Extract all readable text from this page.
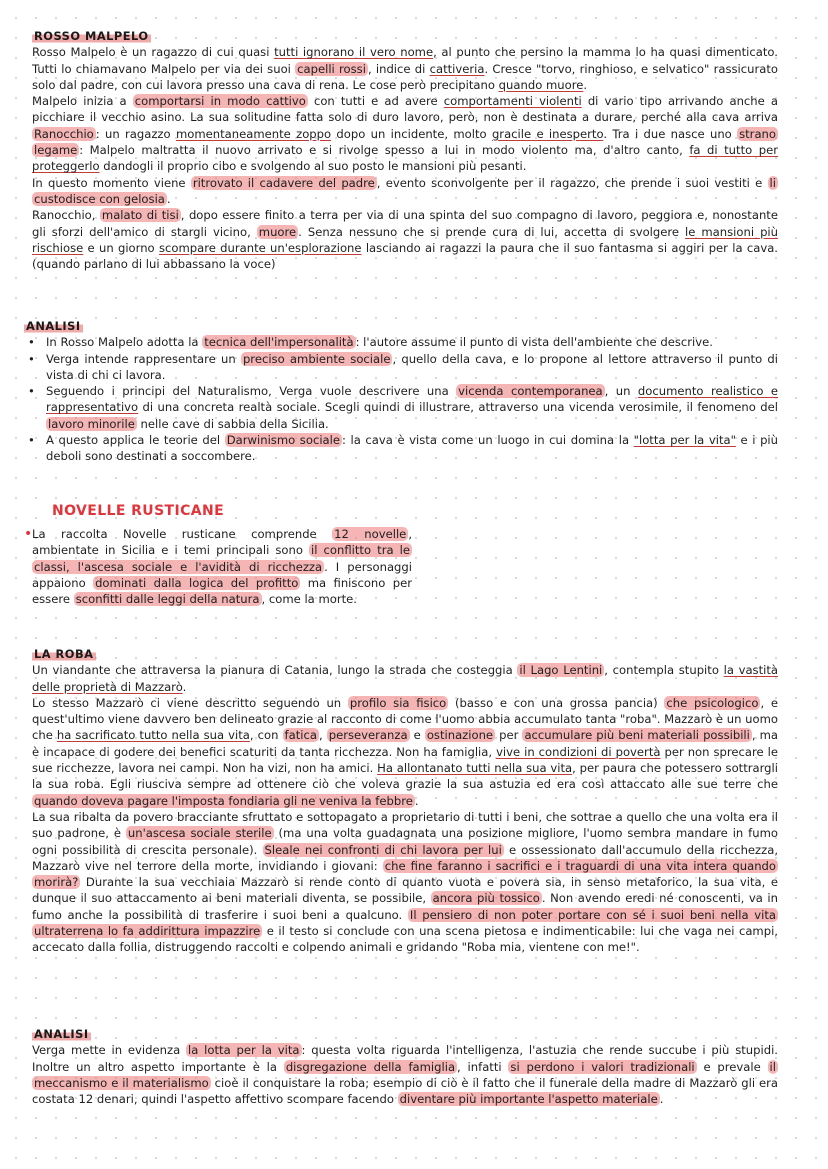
ROSSO MALPELO

Rosso Malpelo è un ragazzo di cui quasi tutti ignorano il vero nome, al punto che persino la mamma lo ha quasi dimenticato. Tutti lo chiamavano Malpelo per via dei suoi capelli rossi , indice di cattiveria. Cresce "torvo, ringhioso, e selvatico" rassicurato solo dal padre, con cui lavora presso una cava di rena. Le cose però precipitano quando muore.

Malpelo inizia a comportarsi in modo cattivo con tutti e ad avere comportamenti violenti di vario tipo arrivando anche a picchiare il vecchio asino. La sua solitudine fatta solo di duro lavoro, però, non è destinata a durare, perché alla cava arriva Ranocchio : un ragazzo momentaneamente zoppo dopo un incidente, molto gracile e inesperto. Tra i due nasce uno strano legame : Malpelo maltratta il nuovo arrivato e si rivolge spesso a lui in modo violento ma, d'altro canto, fa di tutto per proteggerlo dandogli il proprio cibo e svolgendo al suo posto le mansioni più pesanti.

In questo momento viene ritrovato il cadavere del padre , evento sconvolgente per il ragazzo, che prende i suoi vestiti e li custodisce con gelosia .

Ranocchio, malato di tisi , dopo essere finito a terra per via di una spinta del suo compagno di lavoro, peggiora e, nonostante gli sforzi dell'amico di stargli vicino, muore . Senza nessuno che si prende cura di lui, accetta di svolgere le mansioni più rischiose e un giorno scompare durante un'esplorazione lasciando ai ragazzi la paura che il suo fantasma si aggiri per la cava. (quando parlano di lui abbassano la voce)

ANALISI
• In Rosso Malpelo adotta la tecnica dell'impersonalità : l'autore assume il punto di vista dell'ambiente che descrive.
• Verga intende rappresentare un preciso ambiente sociale , quello della cava, e lo propone al lettore attraverso il punto di vista di chi ci lavora.
• Seguendo i principi del Naturalismo, Verga vuole descrivere una vicenda contemporanea , un documento realistico e rappresentativo di una concreta realtà sociale. Scegli quindi di illustrare, attraverso una vicenda verosimile, il fenomeno del lavoro minorile nelle cave di sabbia della Sicilia.
• A questo applica le teorie del Darwinismo sociale : la cava è vista come un luogo in cui domina la "lotta per la vita" e i più deboli sono destinati a soccombere.
NOVELLE RUSTICANE

La raccolta Novelle rusticane comprende 12 novelle , ambientate in Sicilia e i temi principali sono il conflitto tra le classi, l'ascesa sociale e l'avidità di ricchezza . I personaggi appaiono dominati dalla logica del profitto ma finiscono per essere sconfitti dalle leggi della natura , come la morte.

LA ROBA

Un viandante che attraversa la pianura di Catania, lungo la strada che costeggia il Lago Lentini , contempla stupito la vastità delle proprietà di Mazzarò.

Lo stesso Mazzarò ci viene descritto seguendo un profilo sia fisico (basso e con una grossa pancia) che psicologico , e quest'ultimo viene davvero ben delineato grazie al racconto di come l'uomo abbia accumulato tanta "roba". Mazzarò è un uomo che ha sacrificato tutto nella sua vita, con fatica , perseveranza e ostinazione per accumulare più beni materiali possibili , ma è incapace di godere dei benefici scaturiti da tanta ricchezza. Non ha famiglia, vive in condizioni di povertà per non sprecare le sue ricchezze, lavora nei campi. Non ha vizi, non ha amici. Ha allontanato tutti nella sua vita, per paura che potessero sottrargli la sua roba. Egli riusciva sempre ad ottenere ciò che voleva grazie la sua astuzia ed era così attaccato alle sue terre che quando doveva pagare l'imposta fondiaria gli ne veniva la febbre .

La sua ribalta da povero bracciante sfruttato e sottopagato a proprietario di tutti i beni, che sottrae a quello che una volta era il suo padrone, è un'ascesa sociale sterile (ma una volta guadagnata una posizione migliore, l'uomo sembra mandare in fumo ogni possibilità di crescita personale). Sleale nei confronti di chi lavora per lui e ossessionato dall'accumulo della ricchezza, Mazzarò vive nel terrore della morte, invidiando i giovani: che fine faranno i sacrifici e i traguardi di una vita intera quando morirà? Durante la sua vecchiaia Mazzarò si rende conto di quanto vuota e povera sia, in senso metaforico, la sua vita, e dunque il suo attaccamento ai beni materiali diventa, se possibile, ancora più tossico . Non avendo eredi né conoscenti, va in fumo anche la possibilità di trasferire i suoi beni a qualcuno. Il pensiero di non poter portare con sé i suoi beni nella vita ultraterrena lo fa addirittura impazzire e il testo si conclude con una scena pietosa e indimenticabile: lui che vaga nei campi, accecato dalla follia, distruggendo raccolti e colpendo animali e gridando "Roba mia, vientene con me!".

ANALISI

Verga mette in evidenza la lotta per la vita : questa volta riguarda l'intelligenza, l'astuzia che rende succube i più stupidi. Inoltre un altro aspetto importante è la disgregazione della famiglia , infatti si perdono i valori tradizionali e prevale il meccanismo e il materialismo cioè il conquistare la roba; esempio di ciò è il fatto che il funerale della madre di Mazzarò gli era costata 12 denari, quindi l'aspetto affettivo scompare facendo diventare più importante l'aspetto materiale .
